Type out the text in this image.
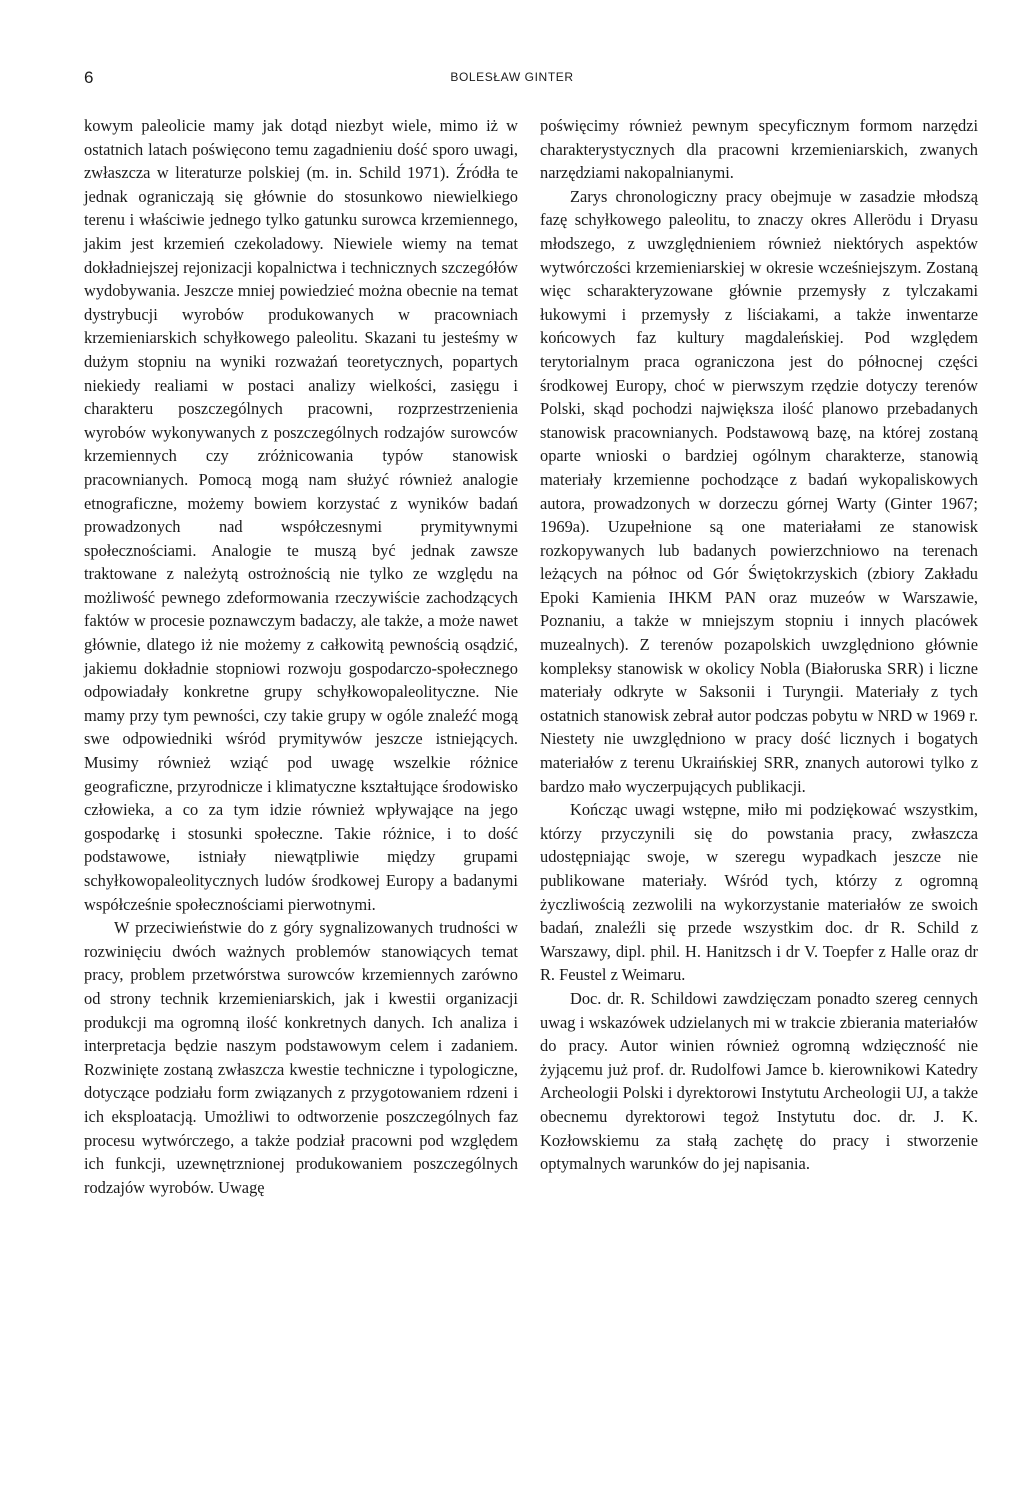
6	BOLESŁAW GINTER

kowym paleolicie mamy jak dotąd niezbyt wiele, mimo iż w ostatnich latach poświęcono temu zagadnieniu dość sporo uwagi, zwłaszcza w literaturze polskiej (m. in. Schild 1971). Źródła te jednak ograniczają się głównie do stosunkowo niewielkiego terenu i właściwie jednego tylko gatunku surowca krzemiennego, jakim jest krzemień czekoladowy. Niewiele wiemy na temat dokładniejszej rejonizacji kopalnictwa i technicznych szczegółów wydobywania. Jeszcze mniej powiedzieć można obecnie na temat dystrybucji wyrobów produkowanych w pracowniach krzemieniarskich schyłkowego paleolitu. Skazani tu jesteśmy w dużym stopniu na wyniki rozważań teoretycznych, popartych niekiedy realiami w postaci analizy wielkości, zasięgu i charakteru poszczególnych pracowni, rozprzestrzenienia wyrobów wykonywanych z poszczególnych rodzajów surowców krzemiennych czy zróżnicowania typów stanowisk pracownianych. Pomocą mogą nam służyć również analogie etnograficzne, możemy bowiem korzystać z wyników badań prowadzonych nad współczesnymi prymitywnymi społecznościami. Analogie te muszą być jednak zawsze traktowane z należytą ostrożnością nie tylko ze względu na możliwość pewnego zdeformowania rzeczywiście zachodzących faktów w procesie poznawczym badaczy, ale także, a może nawet głównie, dlatego iż nie możemy z całkowitą pewnością osądzić, jakiemu dokładnie stopniowi rozwoju gospodarczo-społecznego odpowiadały konkretne grupy schyłkowopaleolityczne. Nie mamy przy tym pewności, czy takie grupy w ogóle znaleźć mogą swe odpowiedniki wśród prymitywów jeszcze istniejących. Musimy również wziąć pod uwagę wszelkie różnice geograficzne, przyrodnicze i klimatyczne kształtujące środowisko człowieka, a co za tym idzie również wpływające na jego gospodarkę i stosunki społeczne. Takie różnice, i to dość podstawowe, istniały niewątpliwie między grupami schyłkowopaleolitycznych ludów środkowej Europy a badanymi współcześnie społecznościami pierwotnymi.

W przeciwieństwie do z góry sygnalizowanych trudności w rozwinięciu dwóch ważnych problemów stanowiących temat pracy, problem przetwórstwa surowców krzemiennych zarówno od strony technik krzemieniarskich, jak i kwestii organizacji produkcji ma ogromną ilość konkretnych danych. Ich analiza i interpretacja będzie naszym podstawowym celem i zadaniem. Rozwinięte zostaną zwłaszcza kwestie techniczne i typologiczne, dotyczące podziału form związanych z przygotowaniem rdzeni i ich eksploatacją. Umożliwi to odtworzenie poszczególnych faz procesu wytwórczego, a także podział pracowni pod względem ich funkcji, uzewnętrznionej produkowaniem poszczególnych rodzajów wyrobów. Uwagę

poświęcimy również pewnym specyficznym formom narzędzi charakterystycznych dla pracowni krzemieniarskich, zwanych narzędziami nakopalnianymi.

Zarys chronologiczny pracy obejmuje w zasadzie młodszą fazę schyłkowego paleolitu, to znaczy okres Allerödu i Dryasu młodszego, z uwzględnieniem również niektórych aspektów wytwórczości krzemieniarskiej w okresie wcześniejszym. Zostaną więc scharakteryzowane głównie przemysły z tylczakami łukowymi i przemysły z liściakami, a także inwentarze końcowych faz kultury magdaleńskiej. Pod względem terytorialnym praca ograniczona jest do północnej części środkowej Europy, choć w pierwszym rzędzie dotyczy terenów Polski, skąd pochodzi największa ilość planowo przebadanych stanowisk pracownianych. Podstawową bazę, na której zostaną oparte wnioski o bardziej ogólnym charakterze, stanowią materiały krzemienne pochodzące z badań wykopaliskowych autora, prowadzonych w dorzeczu górnej Warty (Ginter 1967; 1969a). Uzupełnione są one materiałami ze stanowisk rozkopywanych lub badanych powierzchniowo na terenach leżących na północ od Gór Świętokrzyskich (zbiory Zakładu Epoki Kamienia IHKM PAN oraz muzeów w Warszawie, Poznaniu, a także w mniejszym stopniu i innych placówek muzealnych). Z terenów pozapolskich uwzględniono głównie kompleksy stanowisk w okolicy Nobla (Białoruska SRR) i liczne materiały odkryte w Saksonii i Turyngii. Materiały z tych ostatnich stanowisk zebrał autor podczas pobytu w NRD w 1969 r. Niestety nie uwzględniono w pracy dość licznych i bogatych materiałów z terenu Ukraińskiej SRR, znanych autorowi tylko z bardzo mało wyczerpujących publikacji.

Kończąc uwagi wstępne, miło mi podziękować wszystkim, którzy przyczynili się do powstania pracy, zwłaszcza udostępniając swoje, w szeregu wypadkach jeszcze nie publikowane materiały. Wśród tych, którzy z ogromną życzliwością zezwolili na wykorzystanie materiałów ze swoich badań, znaleźli się przede wszystkim doc. dr R. Schild z Warszawy, dipl. phil. H. Hanitzsch i dr V. Toepfer z Halle oraz dr R. Feustel z Weimaru.

Doc. dr. R. Schildowi zawdzięczam ponadto szereg cennych uwag i wskazówek udzielanych mi w trakcie zbierania materiałów do pracy. Autor winien również ogromną wdzięczność nie żyjącemu już prof. dr. Rudolfowi Jamce b. kierownikowi Katedry Archeologii Polski i dyrektorowi Instytutu Archeologii UJ, a także obecnemu dyrektorowi tegoż Instytutu doc. dr. J. K. Kozłowskiemu za stałą zachętę do pracy i stworzenie optymalnych warunków do jej napisania.
